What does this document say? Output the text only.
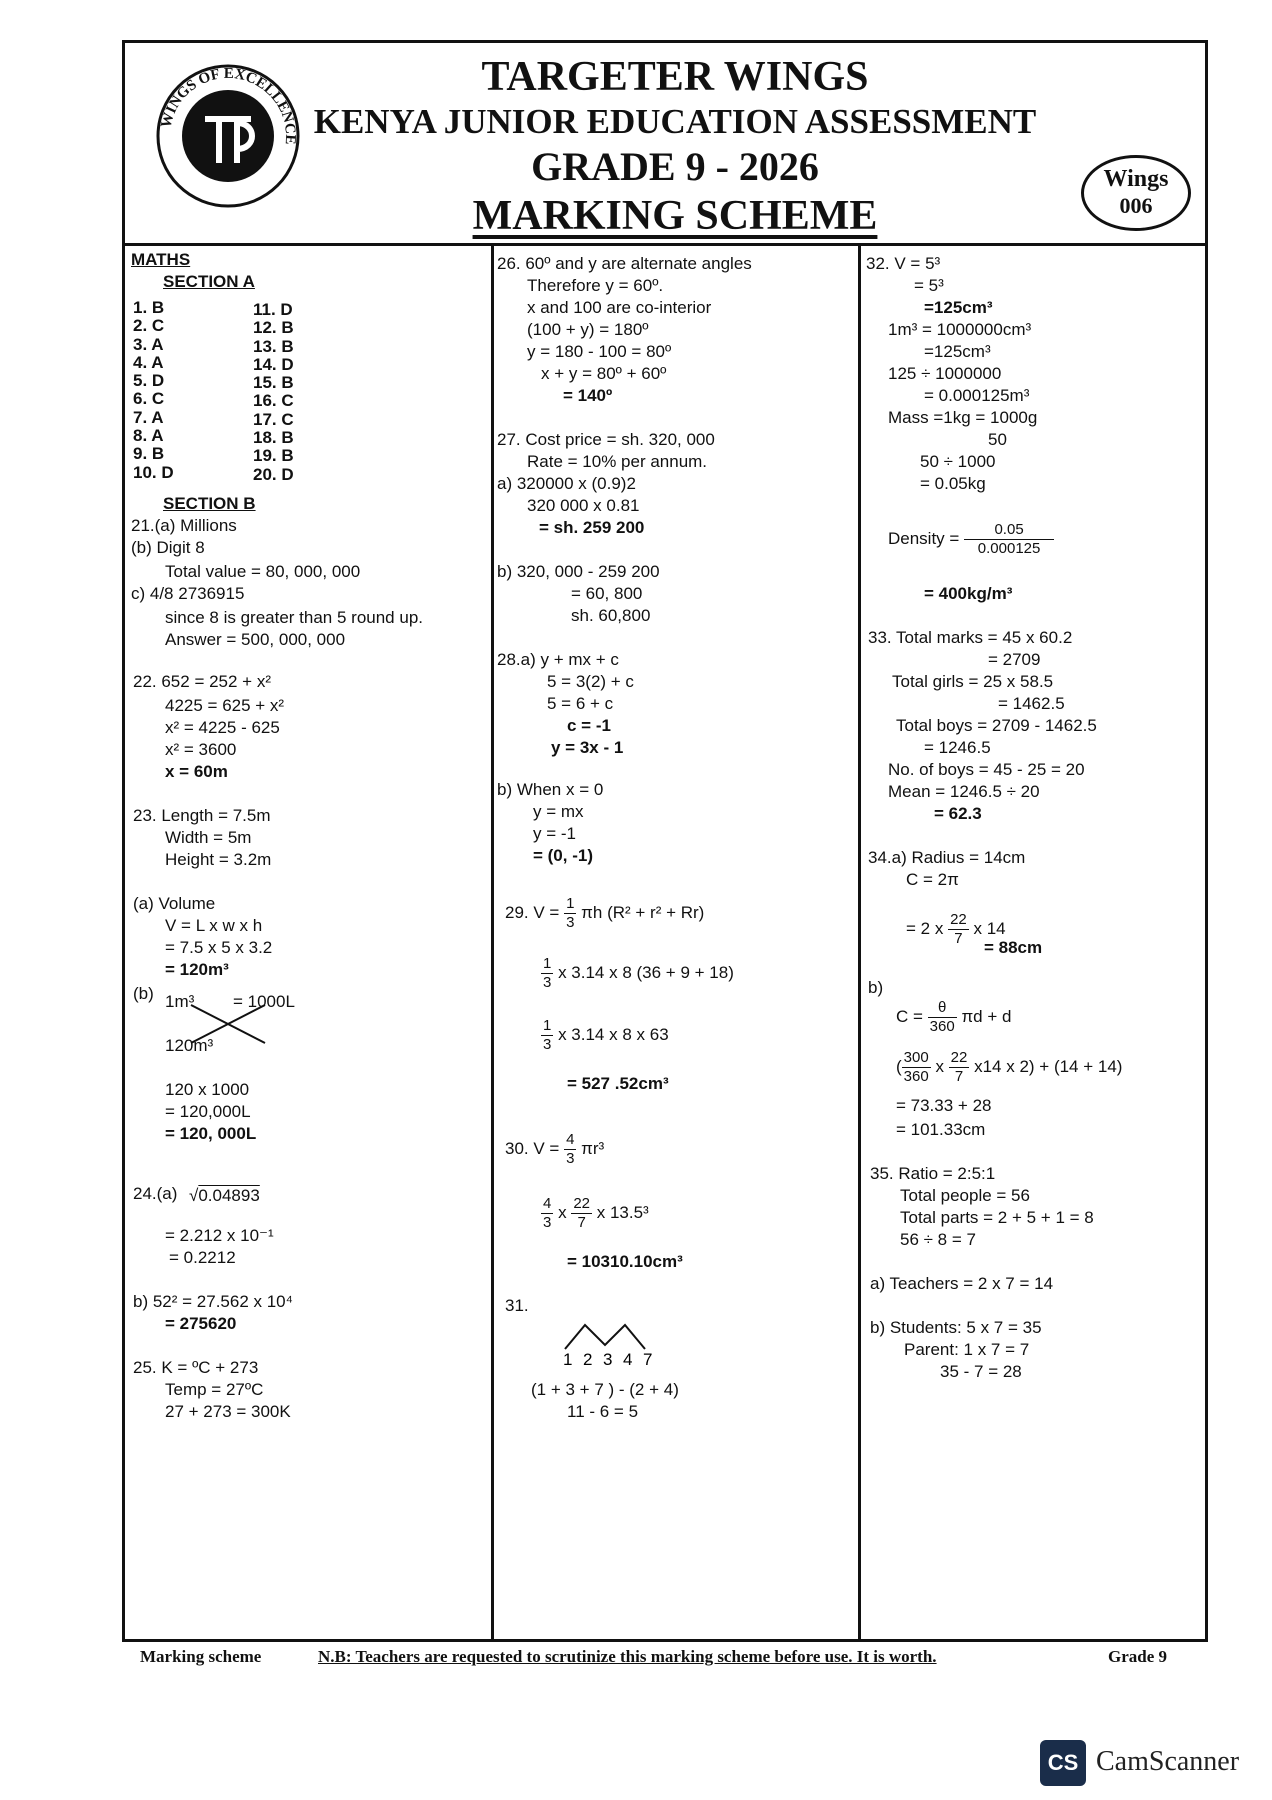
WINGS OF EXCELLENCE
TARGETER WINGS
KENYA JUNIOR EDUCATION ASSESSMENT
GRADE 9 - 2026
MARKING SCHEME
Wings
006
MATHS
SECTION A
1. B
2. C
3. A
4. A
5. D
6. C
7. A
8. A
9. B
10. D
11. D
12. B
13. B
14. D
15. B
16. C
17. C
18. B
19. B
20. D
SECTION B
21.(a) Millions
(b) Digit 8
Total value = 80, 000, 000
c) 4/8 2736915
since 8 is greater than 5 round up.
Answer = 500, 000, 000
22. 652 = 252 + x²
4225 = 625 + x²
x² = 4225 - 625
x² = 3600
x = 60m
23. Length = 7.5m
Width = 5m
Height = 3.2m
(a) Volume
V = L x w x h
= 7.5 x 5 x 3.2
= 120m³
(b) 1m³ = 1000L
120m³
120 x 1000
= 120,000L
= 120, 000L
24.(a) √0.04893
= 2.212 x 10⁻¹
= 0.2212
b) 52² = 27.562 x 10⁴
= 275620
25. K = ºC + 273
Temp = 27ºC
27 + 273 = 300K
26. 60º and y are alternate angles
Therefore y = 60º.
x and 100 are co-interior
(100 + y) = 180º
y = 180 - 100 = 80º
x + y = 80º + 60º
= 140º
27. Cost price = sh. 320, 000
Rate = 10% per annum.
a) 320000 x (0.9)2
320 000 x 0.81
= sh. 259 200
b) 320, 000 - 259 200
= 60, 800
sh. 60,800
28.a) y + mx + c
5 = 3(2) + c
5 = 6 + c
c = -1
y = 3x - 1
b) When x = 0
y = mx
y = -1
= (0, -1)
29. $V = \frac{1}{3}$ πh (R² + r² + Rr)
$\frac{1}{3}$ x 3.14 x 8 (36 + 9 + 18)
$\frac{1}{3}$ x 3.14 x 8 x 63
= 527 .52cm³
30. $V = \frac{4}{3} \pi r^3$
$\frac{4}{3}$ x $\frac{22}{7}$ x 13.5³
= 10310.10cm³
31.
1 2 3 4 7
(1 + 3 + 7 ) - (2 + 4)
11 - 6 = 5
32. V = 5³
= 5³
=125cm³
1m³ = 1000000cm³
=125cm³
125 ÷ 1000000
= 0.000125m³
Mass =1kg = 1000g
50
50 ÷ 1000
= 0.05kg
Density = $\frac{0.05}{0.000125}$
= 400kg/m³
33. Total marks = 45 x 60.2
= 2709
Total girls = 25 x 58.5
= 1462.5
Total boys = 2709 - 1462.5
= 1246.5
No. of boys = 45 - 25 = 20
Mean = 1246.5 ÷ 20
= 62.3
34.a) Radius = 14cm
C = 2π
= 2 x $\frac{22}{7}$ x 14
= 88cm
b)
$C = \frac{\theta}{360}$ πd + d
( $\frac{300}{360}$ x $\frac{22}{7} x14$ x 2) + (14 + 14)
= 73.33 + 28
= 101.33cm
35. Ratio = 2:5:1
Total people = 56
Total parts = 2 + 5 + 1 = 8
56 ÷ 8 = 7
a) Teachers = 2 x 7 = 14
b) Students: 5 x 7 = 35
Parent: 1 x 7 = 7
35 - 7 = 28
Marking scheme	N.B: Teachers are requested to scrutinize this marking scheme before use. It is worth.	Grade 9
CS CamScanner
